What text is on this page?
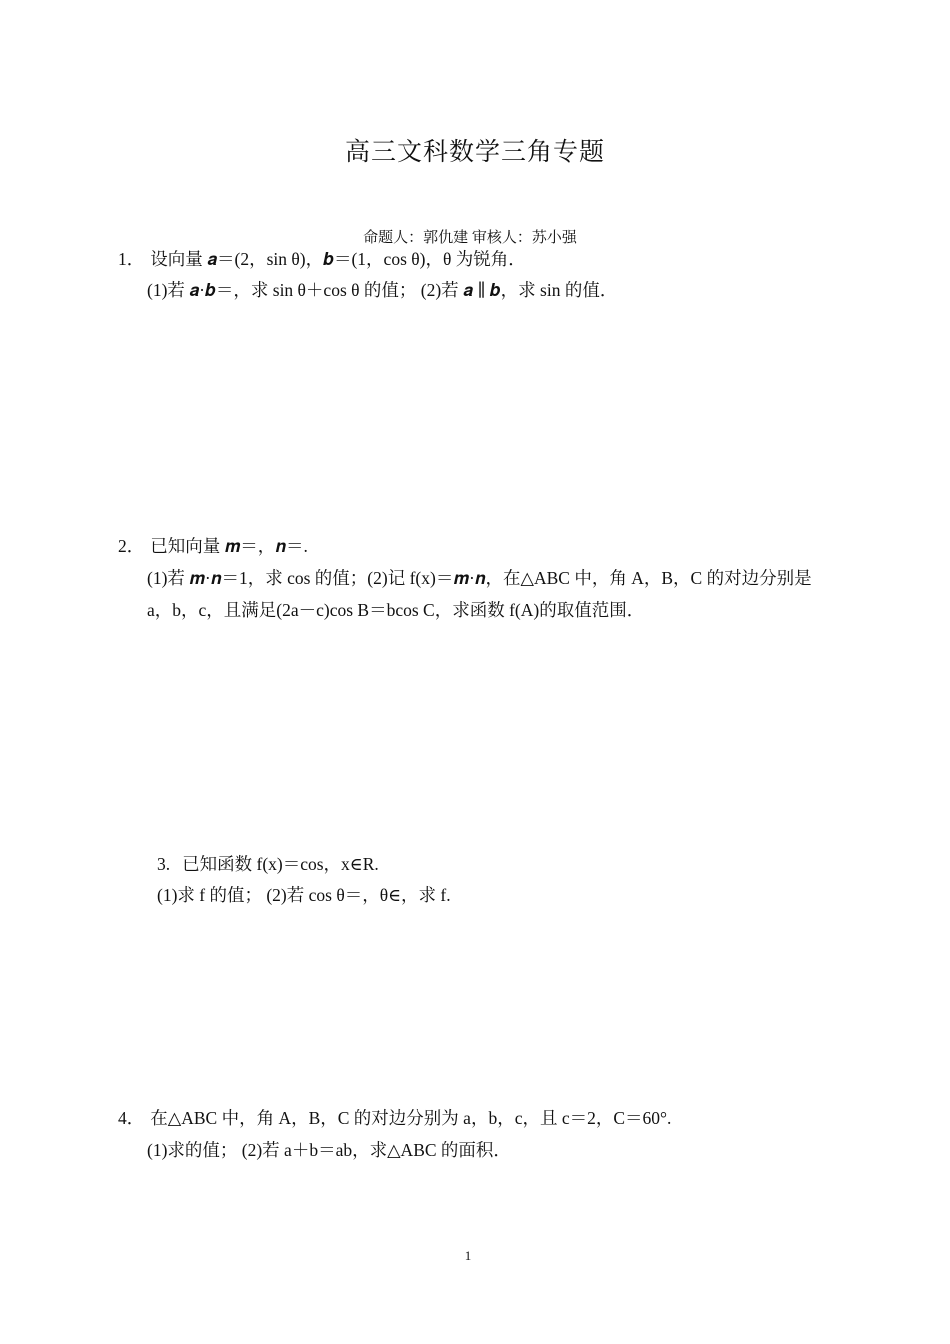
高三文科数学三角专题
命题人：郭仇建 审核人：苏小强
1． 设向量 𝒂＝(2，sin θ)，𝒃＝(1，cos θ)，θ 为锐角．
(1)若 𝒂·𝒃＝，求 sin θ＋cos θ 的值； (2)若 𝒂 ∥ 𝒃，求 sin 的值．
2． 已知向量 𝒎＝，𝒏＝.
(1)若 𝒎·𝒏＝1，求 cos 的值；(2)记 f(x)＝𝒎·𝒏，在△ABC 中，角 A，B，C 的对边分别是
a，b，c，且满足(2a－c)cos B＝bcos C，求函数 f(A)的取值范围．
3. 已知函数 f(x)＝cos，x∈R.
(1)求 f 的值； (2)若 cos θ＝，θ∈，求 f.
4． 在△ABC 中，角 A，B，C 的对边分别为 a，b，c，且 c＝2，C＝60°.
(1)求的值； (2)若 a＋b＝ab，求△ABC 的面积．
1
